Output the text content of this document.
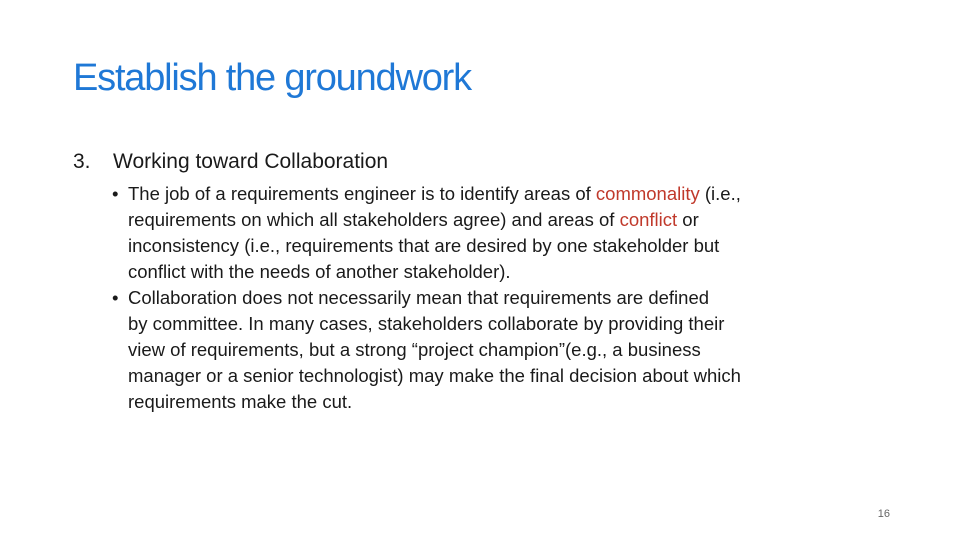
Establish the groundwork
3. Working toward Collaboration
• The job of a requirements engineer is to identify areas of commonality (i.e.,
requirements on which all stakeholders agree) and areas of conflict or
inconsistency (i.e., requirements that are desired by one stakeholder but
conflict with the needs of another stakeholder).
• Collaboration does not necessarily mean that requirements are defined
by committee. In many cases, stakeholders collaborate by providing their
view of requirements, but a strong “project champion”(e.g., a business
manager or a senior technologist) may make the final decision about which
requirements make the cut.
16
